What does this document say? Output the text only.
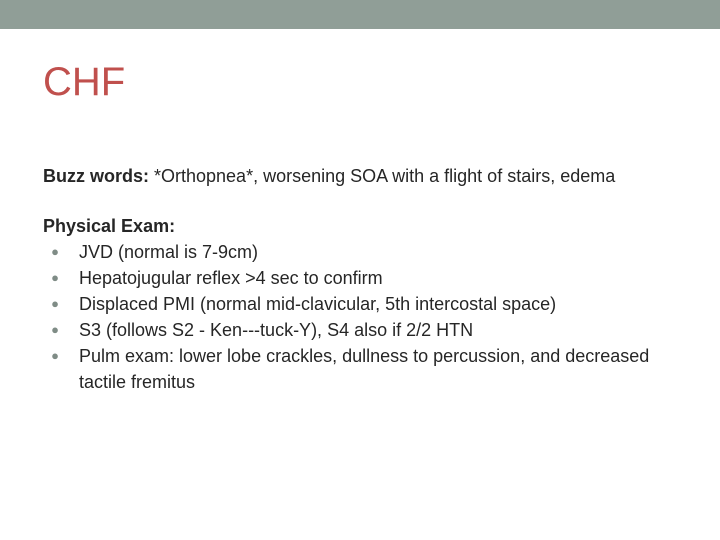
CHF

Buzz words: *Orthopnea*, worsening SOA with a flight of stairs, edema

Physical Exam:

●	JVD (normal is 7-9cm)
●	Hepatojugular reflex >4 sec to confirm
●	Displaced PMI (normal mid-clavicular, 5th intercostal space)
●	S3 (follows S2 - Ken---tuck-Y), S4 also if 2/2 HTN
●	Pulm exam: lower lobe crackles, dullness to percussion, and decreased tactile fremitus
